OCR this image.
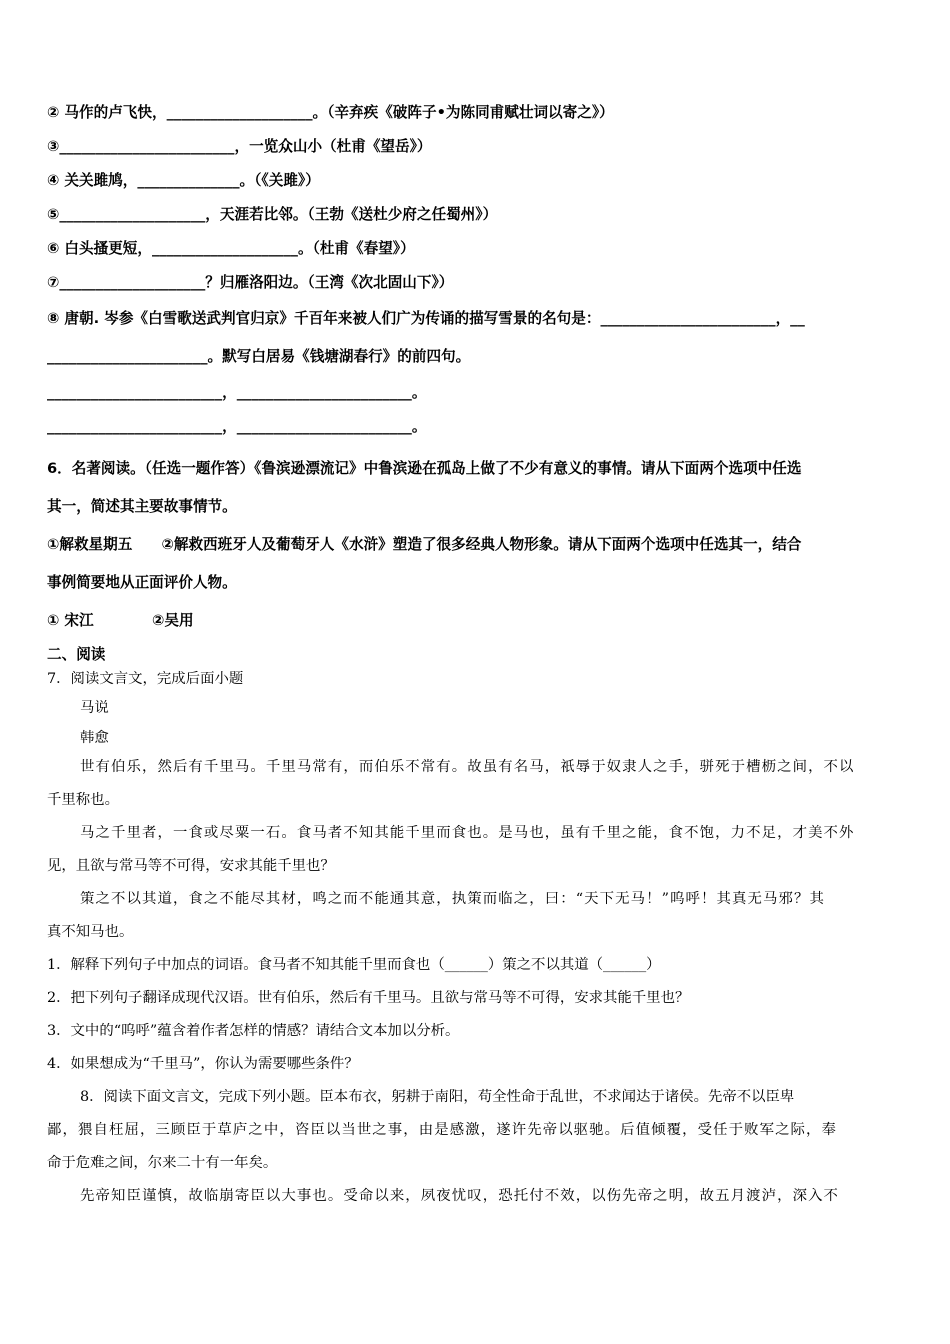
② 马作的卢飞快，____________________。（辛弃疾《破阵子•为陈同甫赋壮词以寄之》）
③________________________，一览众山小（杜甫《望岳》）
④ 关关雎鸠，______________。（《关雎》）
⑤____________________，天涯若比邻。（王勃《送杜少府之任蜀州》）
⑥ 白头搔更短，____________________。（杜甫《春望》）
⑦____________________？归雁洛阳边。（王湾《次北固山下》）
⑧ 唐朝. 岑参《白雪歌送武判官归京》千百年来被人们广为传诵的描写雪景的名句是：________________________，__
______________________。默写白居易《钱塘湖春行》的前四句。
________________________，________________________。
________________________，________________________。
6．名著阅读。（任选一题作答）《鲁滨逊漂流记》中鲁滨逊在孤岛上做了不少有意义的事情。请从下面两个选项中任选
其一，简述其主要故事情节。
①解救星期五　　②解救西班牙人及葡萄牙人《水浒》塑造了很多经典人物形象。请从下面两个选项中任选其一，结合
事例简要地从正面评价人物。
① 宋江　　　　②吴用
二、阅读
7．阅读文言文，完成后面小题
马说
韩愈
世有伯乐，然后有千里马。千里马常有，而伯乐不常有。故虽有名马，祇辱于奴隶人之手，骈死于槽枥之间，不以
千里称也。
马之千里者，一食或尽粟一石。食马者不知其能千里而食也。是马也，虽有千里之能，食不饱，力不足，才美不外
见，且欲与常马等不可得，安求其能千里也？
策之不以其道，食之不能尽其材，鸣之而不能通其意，执策而临之，曰：“天下无马！”呜呼！其真无马邪？其
真不知马也。
1．解释下列句子中加点的词语。食马者不知其能千里而食也（______）策之不以其道（______）
2．把下列句子翻译成现代汉语。世有伯乐，然后有千里马。且欲与常马等不可得，安求其能千里也？
3．文中的“呜呼”蕴含着作者怎样的情感？请结合文本加以分析。
4．如果想成为“千里马”，你认为需要哪些条件？
8．阅读下面文言文，完成下列小题。臣本布衣，躬耕于南阳，苟全性命于乱世，不求闻达于诸侯。先帝不以臣卑
鄙，猥自枉屈，三顾臣于草庐之中，咨臣以当世之事，由是感激，遂许先帝以驱驰。后值倾覆，受任于败军之际，奉
命于危难之间，尔来二十有一年矣。
先帝知臣谨慎，故临崩寄臣以大事也。受命以来，夙夜忧叹，恐托付不效，以伤先帝之明，故五月渡泸，深入不
